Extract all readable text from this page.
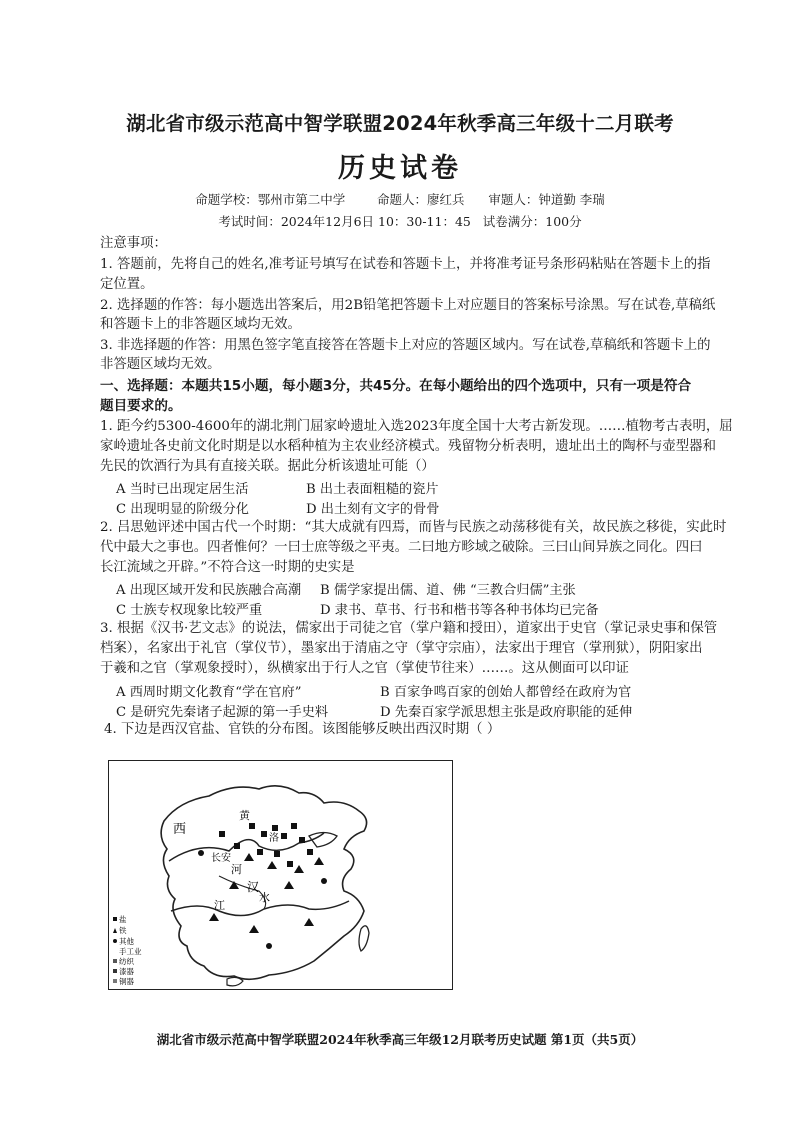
湖北省市级示范高中智学联盟2024年秋季高三年级十二月联考
历史试卷
命题学校：鄂州市第二中学        命题人：廖红兵      审题人：钟道勤 李瑞
考试时间：2024年12月6日 10：30-11：45   试卷满分：100分
注意事项：
1. 答题前，先将自己的姓名,准考证号填写在试卷和答题卡上，并将准考证号条形码粘贴在答题卡上的指
定位置。
2. 选择题的作答：每小题选出答案后，用2B铅笔把答题卡上对应题目的答案标号涂黑。写在试卷,草稿纸
和答题卡上的非答题区域均无效。
3. 非选择题的作答：用黑色签字笔直接答在答题卡上对应的答题区域内。写在试卷,草稿纸和答题卡上的
非答题区域均无效。
一、选择题：本题共15小题，每小题3分，共45分。在每小题给出的四个选项中，只有一项是符合
题目要求的。
1. 距今约5300-4600年的湖北荆门屈家岭遗址入选2023年度全国十大考古新发现。……植物考古表明，屈
家岭遗址各史前文化时期是以水稻种植为主农业经济模式。残留物分析表明，遗址出土的陶杯与壶型器和
先民的饮酒行为具有直接关联。据此分析该遗址可能（）
A 当时已出现定居生活	B 出土表面粗糙的瓷片
C 出现明显的阶级分化	D 出土刻有文字的骨骨
2. 吕思勉评述中国古代一个时期：“其大成就有四焉，而皆与民族之动荡移徙有关，故民族之移徙，实此时
代中最大之事也。四者惟何？一曰士庶等级之平夷。二曰地方畛域之破除。三曰山间异族之同化。四曰
长江流域之开辟。”不符合这一时期的史实是
A 出现区域开发和民族融合高潮 B 儒学家提出儒、道、佛 “三教合归儒”主张
C 士族专权现象比较严重	D 隶书、草书、行书和楷书等各种书体均已完备
3. 根据《汉书·艺文志》的说法，儒家出于司徒之官（掌户籍和授田），道家出于史官（掌记录史事和保管
档案），名家出于礼官（掌仪节），墨家出于清庙之守（掌守宗庙），法家出于理官（掌刑狱），阴阳家出
于羲和之官（掌观象授时），纵横家出于行人之官（掌使节往来）……。这从侧面可以印证
A 西周时期文化教育“学在官府”	B 百家争鸣百家的创始人都曾经在政府为官
C 是研究先秦诸子起源的第一手史料	D 先秦百家学派思想主张是政府职能的延伸
4. 下边是西汉官盐、官铁的分布图。该图能够反映出西汉时期（ ）
西
长安
黄
河
汉
水
江
洛
盐
铁
其他
手工业
纺织
漆器
铜器
湖北省市级示范高中智学联盟2024年秋季高三年级12月联考历史试题 第1页（共5页）
